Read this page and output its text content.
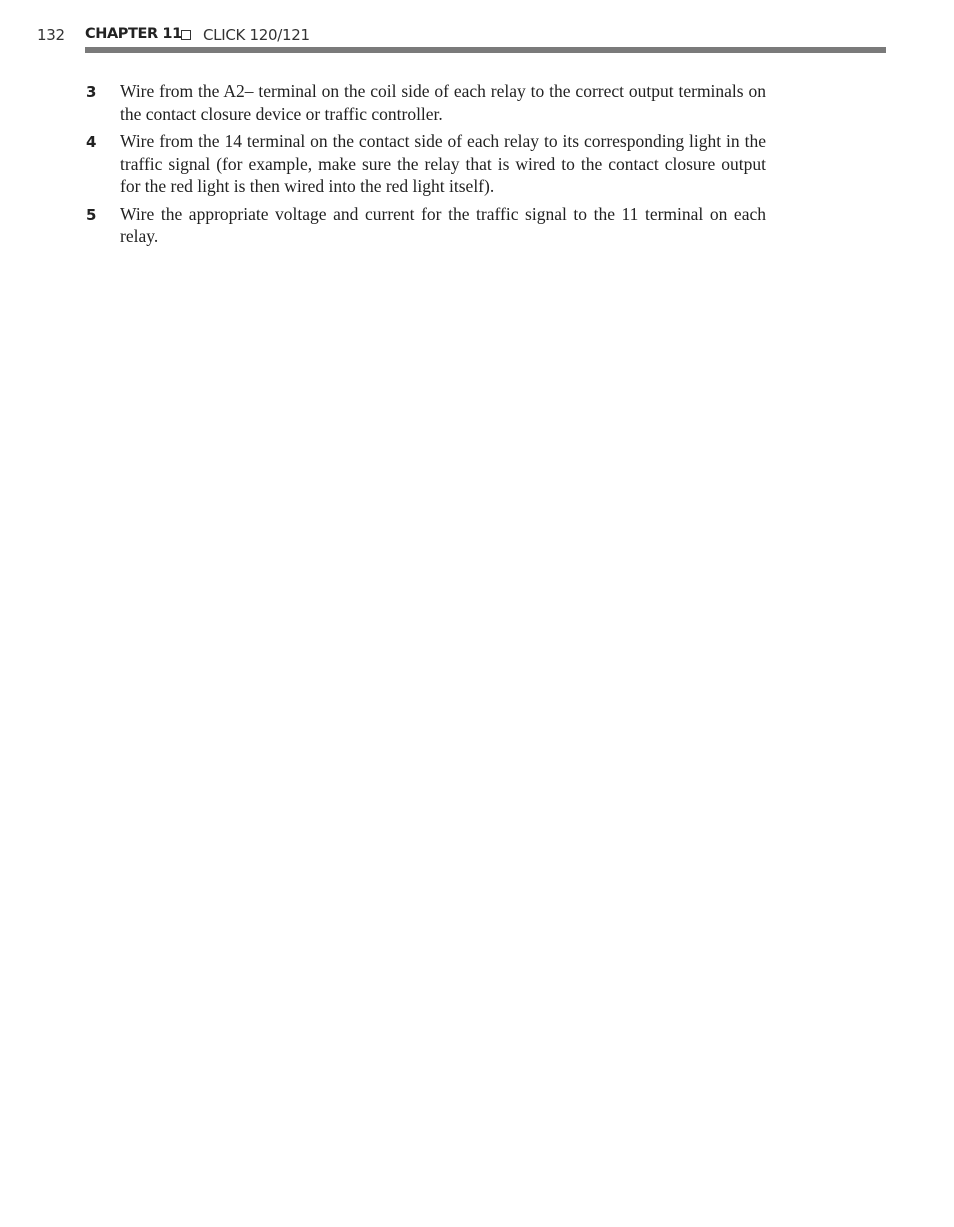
132 CHAPTER 11 CLICK 120/121
3 Wire from the A2– terminal on the coil side of each relay to the correct output terminals on the contact closure device or traffic controller.
4 Wire from the 14 terminal on the contact side of each relay to its corresponding light in the traffic signal (for example, make sure the relay that is wired to the contact closure output for the red light is then wired into the red light itself).
5 Wire the appropriate voltage and current for the traffic signal to the 11 terminal on each relay.
